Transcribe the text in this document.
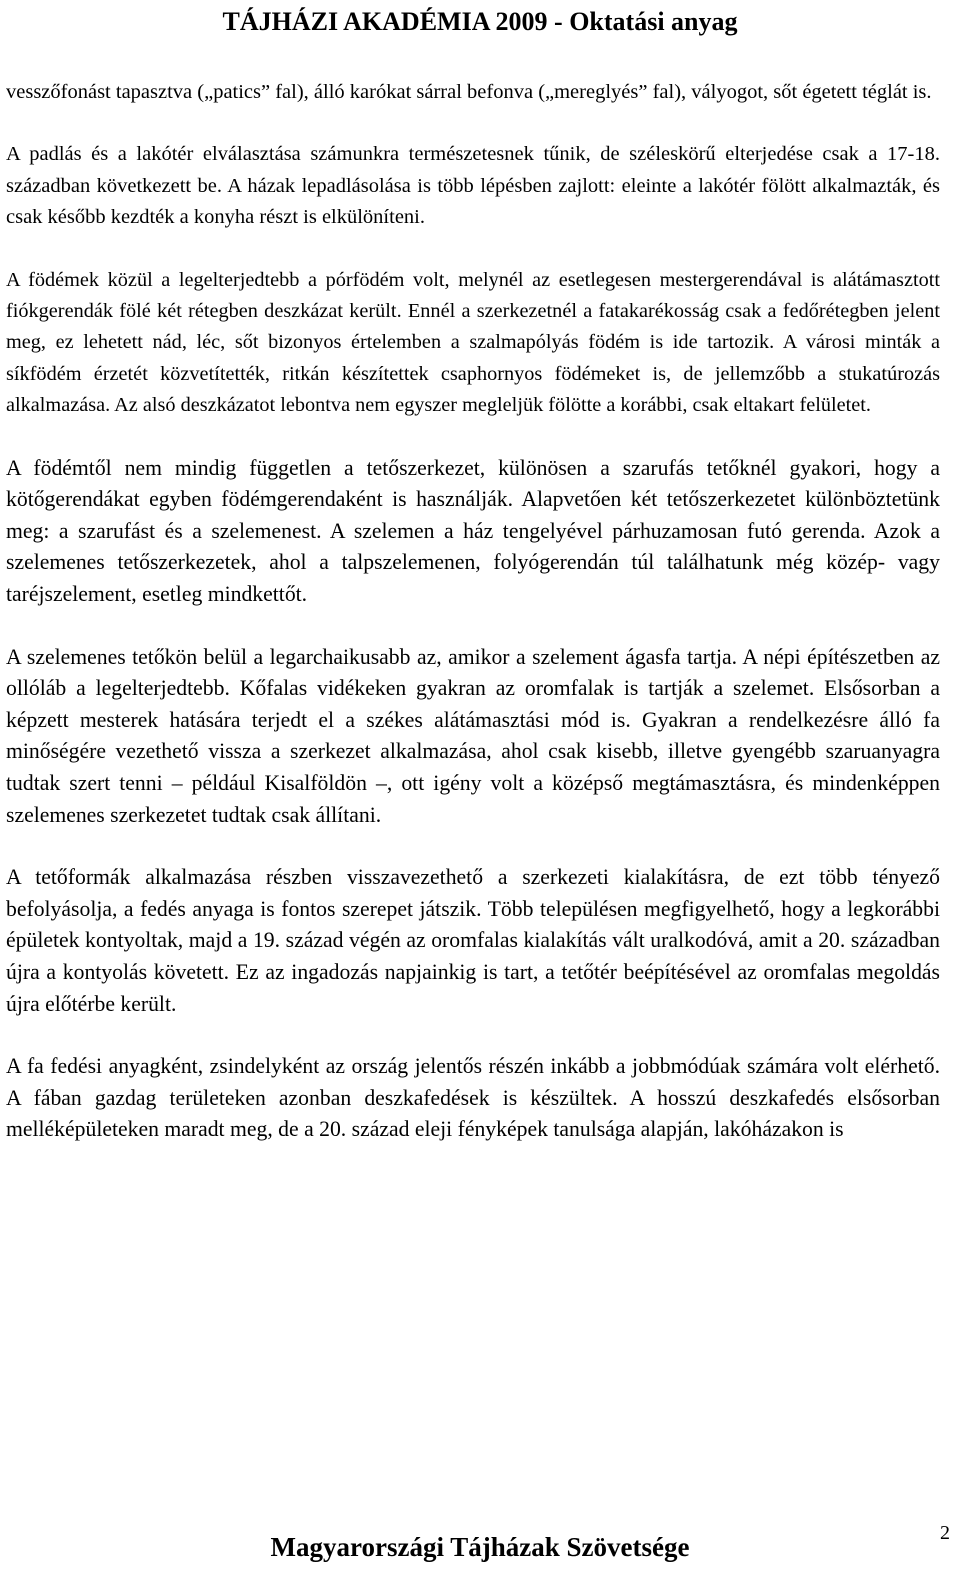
TÁJHÁZI AKADÉMIA 2009 - Oktatási anyag

vesszőfonást tapasztva („patics” fal), álló karókat sárral befonva („mereglyés” fal), vályogot, sőt égetett téglát is.

A padlás és a lakótér elválasztása számunkra természetesnek tűnik, de széleskörű elterjedése csak a 17-18. században következett be. A házak lepadlásolása is több lépésben zajlott: eleinte a lakótér fölött alkalmazták, és csak később kezdték a konyha részt is elkülöníteni.

A födémek közül a legelterjedtebb a pórfödém volt, melynél az esetlegesen mestergerendával is alátámasztott fiókgerendák fölé két rétegben deszkázat került. Ennél a szerkezetnél a fatakarékosság csak a fedőrétegben jelent meg, ez lehetett nád, léc, sőt bizonyos értelemben a szalmapólyás födém is ide tartozik. A városi minták a síkfödém érzetét közvetítették, ritkán készítettek csaphornyos födémeket is, de jellemzőbb a stukatúrozás alkalmazása. Az alsó deszkázatot lebontva nem egyszer megleljük fölötte a korábbi, csak eltakart felületet.

A födémtől nem mindig független a tetőszerkezet, különösen a szarufás tetőknél gyakori, hogy a kötőgerendákat egyben födémgerendaként is használják. Alapvetően két tetőszerkezetet különböztetünk meg: a szarufást és a szelemenest. A szelemen a ház tengelyével párhuzamosan futó gerenda. Azok a szelemenes tetőszerkezetek, ahol a talpszelemenen, folyógerendán túl találhatunk még közép- vagy taréjszelement, esetleg mindkettőt.

A szelemenes tetőkön belül a legarchaikusabb az, amikor a szelement ágasfa tartja. A népi építészetben az ollóláb a legelterjedtebb. Kőfalas vidékeken gyakran az oromfalak is tartják a szelemet. Elsősorban a képzett mesterek hatására terjedt el a székes alátámasztási mód is. Gyakran a rendelkezésre álló fa minőségére vezethető vissza a szerkezet alkalmazása, ahol csak kisebb, illetve gyengébb szaruanyagra tudtak szert tenni – például Kisalföldön –, ott igény volt a középső megtámasztásra, és mindenképpen szelemenes szerkezetet tudtak csak állítani.

A tetőformák alkalmazása részben visszavezethető a szerkezeti kialakításra, de ezt több tényező befolyásolja, a fedés anyaga is fontos szerepet játszik. Több településen megfigyelhető, hogy a legkorábbi épületek kontyoltak, majd a 19. század végén az oromfalas kialakítás vált uralkodóvá, amit a 20. században újra a kontyolás követett. Ez az ingadozás napjainkig is tart, a tetőtér beépítésével az oromfalas megoldás újra előtérbe került.

A fa fedési anyagként, zsindelyként az ország jelentős részén inkább a jobbmódúak számára volt elérhető. A fában gazdag területeken azonban deszkafedések is készültek. A hosszú deszkafedés elsősorban melléképületeken maradt meg, de a 20. század eleji fényképek tanulsága alapján, lakóházakon is

Magyarországi Tájházak Szövetsége	2
